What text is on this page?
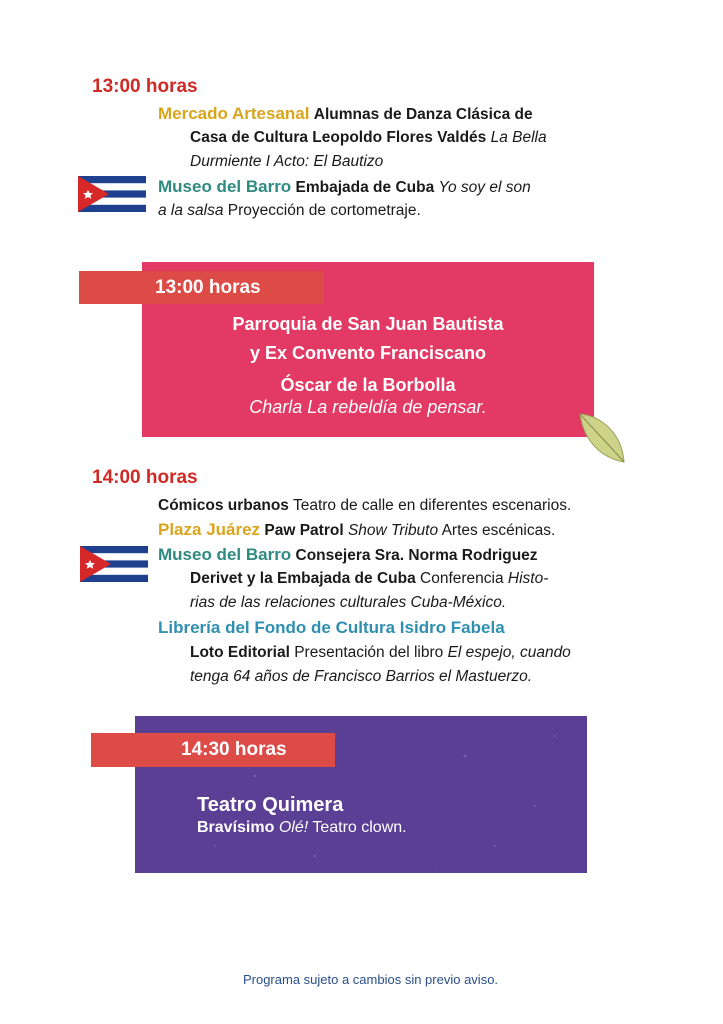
13:00 horas
Mercado Artesanal Alumnas de Danza Clásica de
Casa de Cultura Leopoldo Flores Valdés La Bella
Durmiente I Acto: El Bautizo
Museo del Barro Embajada de Cuba Yo soy el son
a la salsa Proyección de cortometraje.
13:00 horas
Parroquia de San Juan Bautista
y Ex Convento Franciscano
Óscar de la Borbolla
Charla La rebeldía de pensar.
14:00 horas
Cómicos urbanos Teatro de calle en diferentes escenarios.
Plaza Juárez Paw Patrol Show Tributo Artes escénicas.
Museo del Barro Consejera Sra. Norma Rodriguez
Derivet y la Embajada de Cuba Conferencia Histo-
rias de las relaciones culturales Cuba-México.
Librería del Fondo de Cultura Isidro Fabela
Loto Editorial Presentación del libro El espejo, cuando
tenga 64 años de Francisco Barrios el Mastuerzo.
14:30 horas
Teatro Quimera
Bravísimo Olé! Teatro clown.
Programa sujeto a cambios sin previo aviso.
